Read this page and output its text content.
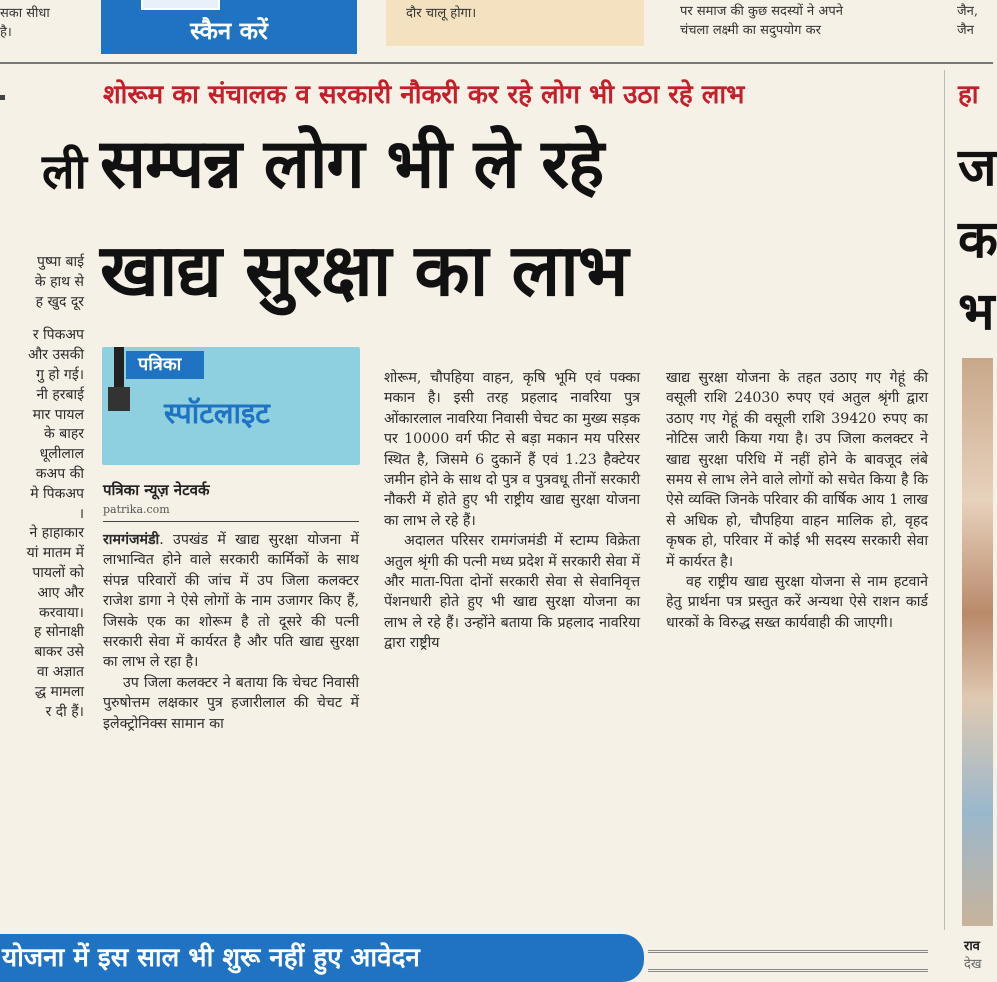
सका सीधा
है।	स्कैन करें
दौर चालू होगा।	पर समाज की कुछ सदस्यों ने अपने
चंचला लक्ष्मी का सदुपयोग कर
जैन,
जैन
ली
पुष्पा बाई
के हाथ से
ह खुद दूर
र पिकअप
और उसकी
गु हो गई।
नी हरबाई
मार पायल
के बाहर
धूलीलाल
कअप की
मे पिकअप
।
ने हाहाकार
यां मातम में
पायलों को
आए और
करवाया।
ह सोनाक्षी
बाकर उसे
वा अज्ञात
द्ध मामला
र दी हैं।
शोरूम का संचालक व सरकारी नौकरी कर रहे लोग भी उठा रहे लाभ
सम्पन्न लोग भी ले रहे
खाद्य सुरक्षा का लाभ
पत्रिका
स्पॉटलाइट
पत्रिका न्यूज़ नेटवर्क
patrika.com

रामगंजमंडी. उपखंड में खाद्य सुरक्षा योजना में लाभान्वित होने वाले सरकारी कार्मिकों के साथ संपन्न परिवारों की जांच में उप जिला कलक्टर राजेश डागा ने ऐसे लोगों के नाम उजागर किए हैं, जिसके एक का शोरूम है तो दूसरे की पत्नी सरकारी सेवा में कार्यरत है और पति खाद्य सुरक्षा का लाभ ले रहा है।

उप जिला कलक्टर ने बताया कि चेचट निवासी पुरुषोत्तम लक्षकार पुत्र हजारीलाल की चेचट में इलेक्ट्रोनिक्स सामान का

शोरूम, चौपहिया वाहन, कृषि भूमि एवं पक्का मकान है। इसी तरह प्रहलाद नावरिया पुत्र ओंकारलाल नावरिया निवासी चेचट का मुख्य सड़क पर 10000 वर्ग फीट से बड़ा मकान मय परिसर स्थित है, जिसमे 6 दुकानें हैं एवं 1.23 हैक्टेयर जमीन होने के साथ दो पुत्र व पुत्रवधू तीनों सरकारी नौकरी में होते हुए भी राष्ट्रीय खाद्य सुरक्षा योजना का लाभ ले रहे हैं।

अदालत परिसर रामगंजमंडी में स्टाम्प विक्रेता अतुल श्रृंगी की पत्नी मध्य प्रदेश में सरकारी सेवा में और माता-पिता दोनों सरकारी सेवा से सेवानिवृत्त पेंशनधारी होते हुए भी खाद्य सुरक्षा योजना का लाभ ले रहे हैं। उन्होंने बताया कि प्रहलाद नावरिया द्वारा राष्ट्रीय

खाद्य सुरक्षा योजना के तहत उठाए गए गेहूं की वसूली राशि 24030 रुपए एवं अतुल श्रृंगी द्वारा उठाए गए गेहूं की वसूली राशि 39420 रुपए का नोटिस जारी किया गया है। उप जिला कलक्टर ने खाद्य सुरक्षा परिधि में नहीं होने के बावजूद लंबे समय से लाभ लेने वाले लोगों को सचेत किया है कि ऐसे व्यक्ति जिनके परिवार की वार्षिक आय 1 लाख से अधिक हो, चौपहिया वाहन मालिक हो, वृहद कृषक हो, परिवार में कोई भी सदस्य सरकारी सेवा में कार्यरत है।

वह राष्ट्रीय खाद्य सुरक्षा योजना से नाम हटवाने हेतु प्रार्थना पत्र प्रस्तुत करें अन्यथा ऐसे राशन कार्ड धारकों के विरुद्ध सख्त कार्यवाही की जाएगी।

हा
ज
क
भ
राव
देख
योजना में इस साल भी शुरू नहीं हुए आवेदन
